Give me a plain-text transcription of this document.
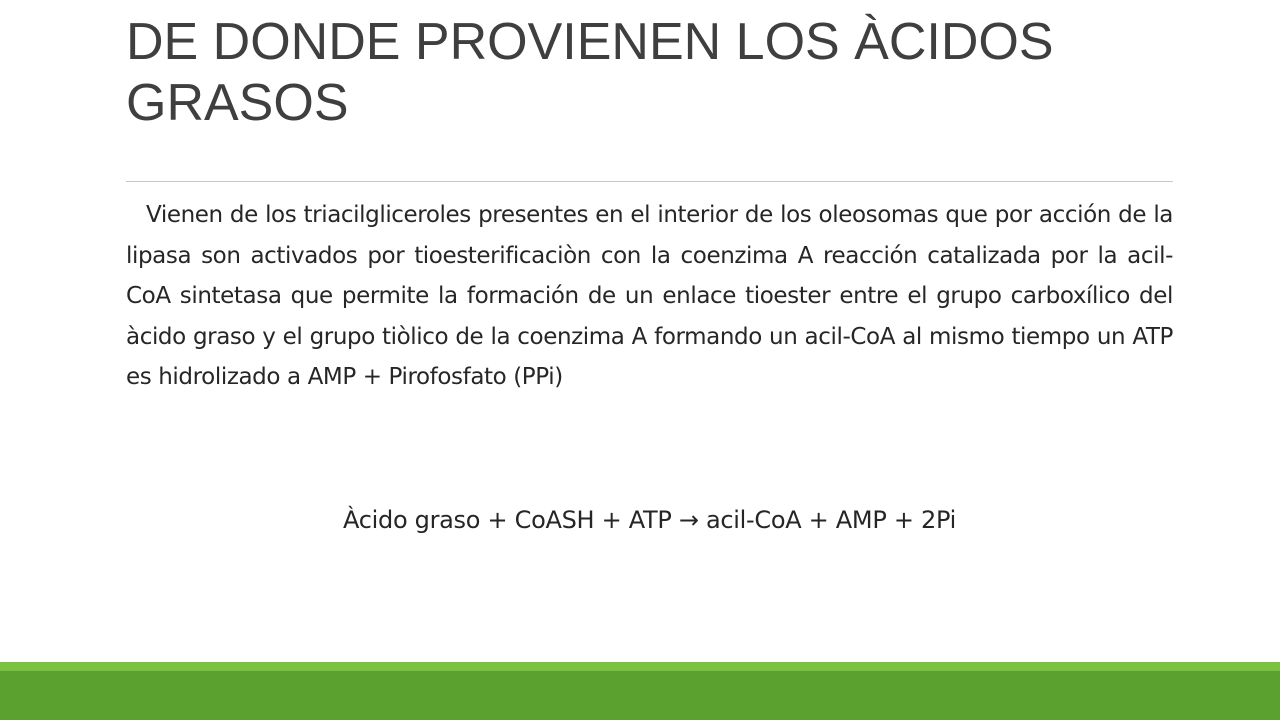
DE DONDE PROVIENEN LOS ÀCIDOS GRASOS

Vienen de los triacilgliceroles presentes en el interior de los oleosomas que por acción de la lipasa son activados por tioesterificaciòn con la coenzima A reacción catalizada por la acil-CoA sintetasa que permite la formación de un enlace tioester entre el grupo carboxílico del àcido graso y el grupo tiòlico de la coenzima A formando un acil-CoA al mismo tiempo un ATP es hidrolizado a AMP + Pirofosfato (PPi)

Àcido graso + CoASH + ATP → acil-CoA + AMP + 2Pi
